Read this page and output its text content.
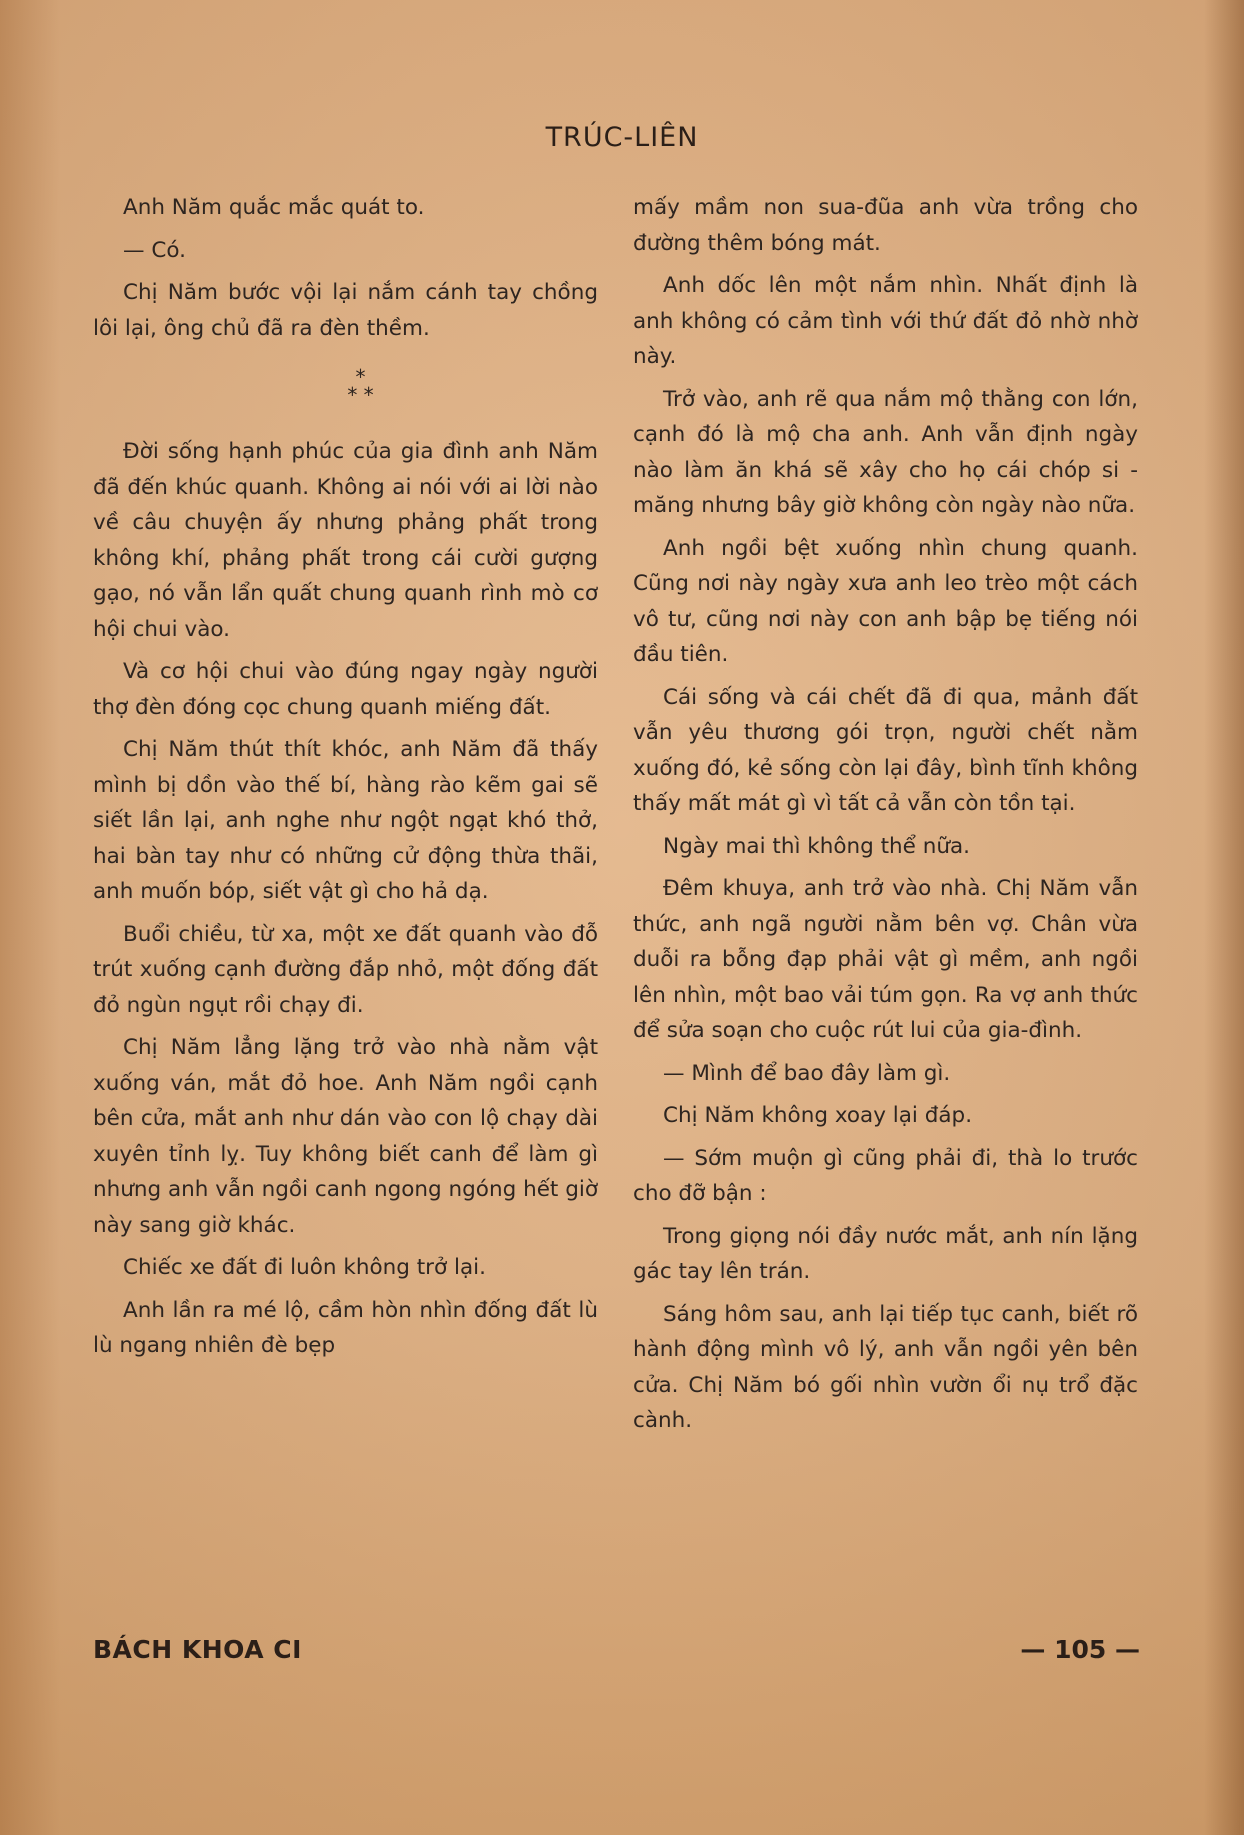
TRÚC-LIÊN

Anh Năm quắc mắc quát to.

— Có.

Chị Năm bước vội lại nắm cánh tay chồng lôi lại, ông chủ đã ra đèn thềm.

*
* *

Đời sống hạnh phúc của gia đình anh Năm đã đến khúc quanh. Không ai nói với ai lời nào về câu chuyện ấy nhưng phảng phất trong không khí, phảng phất trong cái cười gượng gạo, nó vẫn lẩn quất chung quanh rình mò cơ hội chui vào.

Và cơ hội chui vào đúng ngay ngày người thợ đèn đóng cọc chung quanh miếng đất.

Chị Năm thút thít khóc, anh Năm đã thấy mình bị dồn vào thế bí, hàng rào kẽm gai sẽ siết lần lại, anh nghe như ngột ngạt khó thở, hai bàn tay như có những cử động thừa thãi, anh muốn bóp, siết vật gì cho hả dạ.

Buổi chiều, từ xa, một xe đất quanh vào đỗ trút xuống cạnh đường đắp nhỏ, một đống đất đỏ ngùn ngụt rồi chạy đi.

Chị Năm lẳng lặng trở vào nhà nằm vật xuống ván, mắt đỏ hoe. Anh Năm ngồi cạnh bên cửa, mắt anh như dán vào con lộ chạy dài xuyên tỉnh lỵ. Tuy không biết canh để làm gì nhưng anh vẫn ngồi canh ngong ngóng hết giờ này sang giờ khác.

Chiếc xe đất đi luôn không trở lại.

Anh lần ra mé lộ, cầm hòn nhìn đống đất lù lù ngang nhiên đè bẹp

mấy mầm non sua-đũa anh vừa trồng cho đường thêm bóng mát.

Anh dốc lên một nắm nhìn. Nhất định là anh không có cảm tình với thứ đất đỏ nhờ nhờ này.

Trở vào, anh rẽ qua nắm mộ thằng con lớn, cạnh đó là mộ cha anh. Anh vẫn định ngày nào làm ăn khá sẽ xây cho họ cái chóp si - măng nhưng bây giờ không còn ngày nào nữa.

Anh ngồi bệt xuống nhìn chung quanh. Cũng nơi này ngày xưa anh leo trèo một cách vô tư, cũng nơi này con anh bập bẹ tiếng nói đầu tiên.

Cái sống và cái chết đã đi qua, mảnh đất vẫn yêu thương gói trọn, người chết nằm xuống đó, kẻ sống còn lại đây, bình tĩnh không thấy mất mát gì vì tất cả vẫn còn tồn tại.

Ngày mai thì không thể nữa.

Đêm khuya, anh trở vào nhà. Chị Năm vẫn thức, anh ngã người nằm bên vợ. Chân vừa duỗi ra bỗng đạp phải vật gì mềm, anh ngồi lên nhìn, một bao vải túm gọn. Ra vợ anh thức để sửa soạn cho cuộc rút lui của gia-đình.

— Mình để bao đây làm gì.

Chị Năm không xoay lại đáp.

— Sớm muộn gì cũng phải đi, thà lo trước cho đỡ bận :

Trong giọng nói đầy nước mắt, anh nín lặng gác tay lên trán.

Sáng hôm sau, anh lại tiếp tục canh, biết rõ hành động mình vô lý, anh vẫn ngồi yên bên cửa. Chị Năm bó gối nhìn vườn ổi nụ trổ đặc cành.

BÁCH KHOA CI	— 105 —
